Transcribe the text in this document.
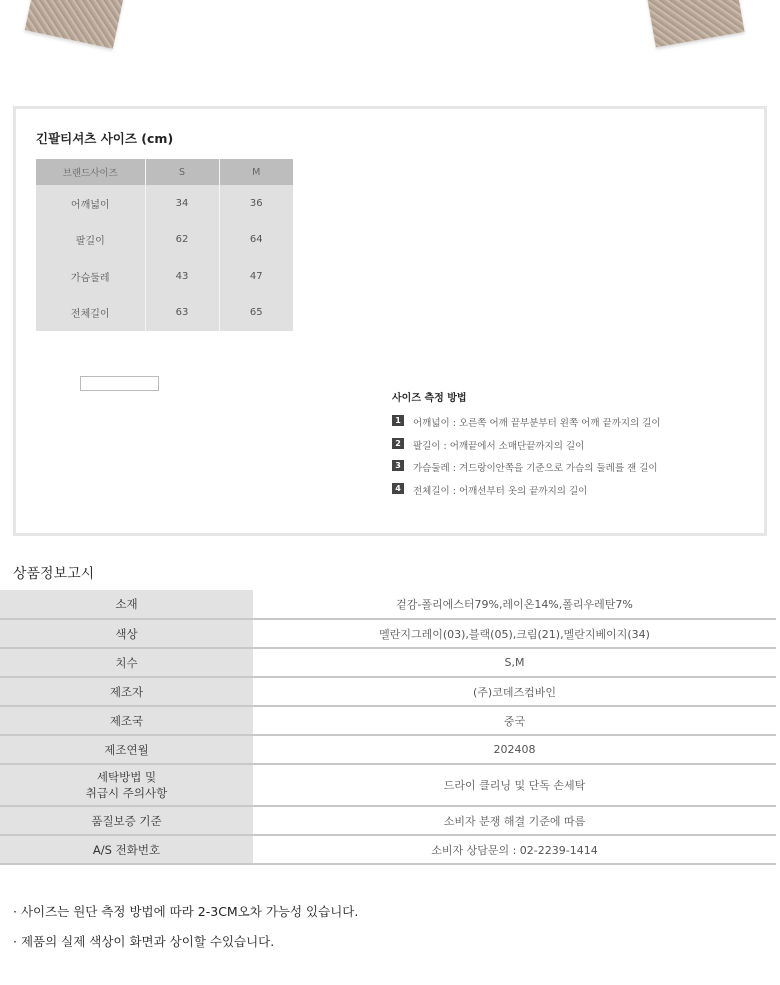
긴팔티셔츠 사이즈 (cm)
브랜드사이즈	S	M
어깨넓이	34	36
팔길이	62	64
가슴둘레	43	47
전체길이	63	65
사이즈 측정 방법
1	어깨넓이 : 오른쪽 어깨 끝부분부터 왼쪽 어깨 끝까지의 길이
2	팔길이 : 어깨끝에서 소매단끝까지의 길이
3	가슴둘레 : 겨드랑이안쪽을 기준으로 가슴의 둘레를 잰 길이
4	전체길이 : 어깨선부터 옷의 끝까지의 길이
상품정보고시
소재	겉감-폴리에스터79%,레이온14%,폴리우레탄7%
색상	멜란지그레이(03),블랙(05),크림(21),멜란지베이지(34)
치수	S,M
제조자	(주)코데즈컴바인
제조국	중국
제조연월	202408

세탁방법 및
취급시 주의사항	드라이 클리닝 및 단독 손세탁
품질보증 기준	소비자 분쟁 해결 기준에 따름
A/S 전화번호	소비자 상담문의 : 02-2239-1414
· 사이즈는 원단 측정 방법에 따라 2-3CM오차 가능성 있습니다.
· 제품의 실제 색상이 화면과 상이할 수있습니다.
